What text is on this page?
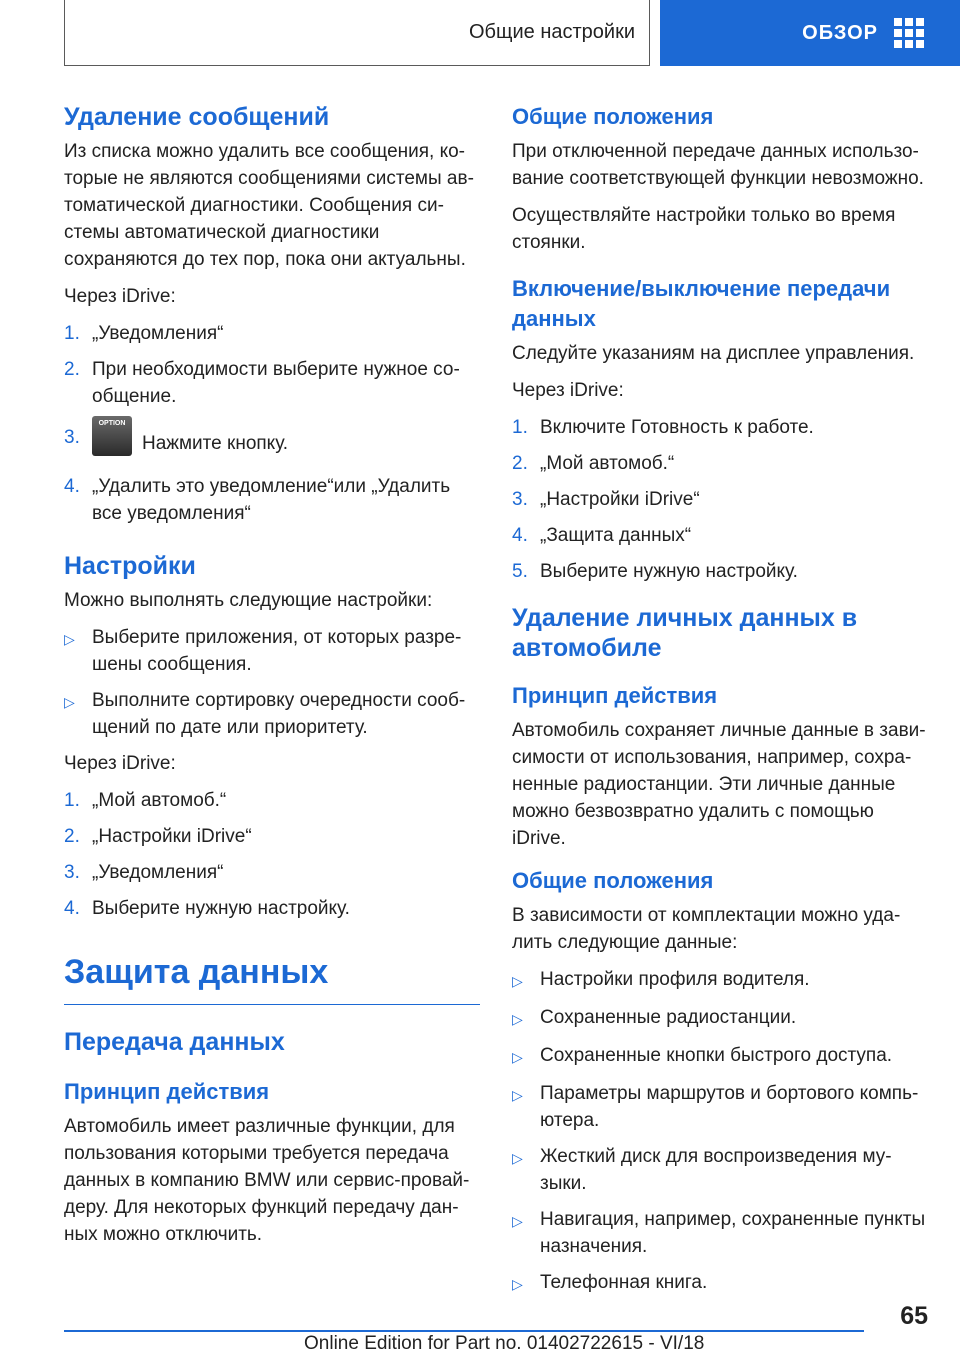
Общие настройки	ОБЗОР
Удаление сообщений

Из списка можно удалить все сообщения, ко-торые не являются сообщениями системы ав-томатической диагностики. Сообщения си-стемы автоматической диагностики сохраняются до тех пор, пока они актуальны.

Через iDrive:

1. „Уведомления“
2. При необходимости выберите нужное со-общение.
3.
OPTIONНажмите кнопку.
4. „Удалить это уведомление“или „Удалить все уведомления“
Настройки

Можно выполнять следующие настройки:

▷ Выберите приложения, от которых разре-шены сообщения.
▷ Выполните сортировку очередности сооб-щений по дате или приоритету.

Через iDrive:

1. „Мой автомоб.“
2. „Настройки iDrive“
3. „Уведомления“
4. Выберите нужную настройку.
Защита данных
Передача данных
Принцип действия

Автомобиль имеет различные функции, для пользования которыми требуется передача данных в компанию BMW или сервис-провай-деру. Для некоторых функций передачу дан-ных можно отключить.

Общие положения

При отключенной передаче данных использо-вание соответствующей функции невозможно.

Осуществляйте настройки только во время стоянки.

Включение/выключение передачи данных

Следуйте указаниям на дисплее управления.

Через iDrive:

1. Включите Готовность к работе.
2. „Мой автомоб.“
3. „Настройки iDrive“
4. „Защита данных“
5. Выберите нужную настройку.
Удаление личных данных в автомобиле
Принцип действия

Автомобиль сохраняет личные данные в зави-симости от использования, например, сохра-ненные радиостанции. Эти личные данные можно безвозвратно удалить с помощью iDrive.

Общие положения

В зависимости от комплектации можно уда-лить следующие данные:

▷ Настройки профиля водителя.
▷ Сохраненные радиостанции.
▷ Сохраненные кнопки быстрого доступа.
▷ Параметры маршрутов и бортового компь-ютера.
▷ Жесткий диск для воспроизведения му-зыки.
▷ Навигация, например, сохраненные пункты назначения.
▷ Телефонная книга.
65
Online Edition for Part no. 01402722615 - VI/18
